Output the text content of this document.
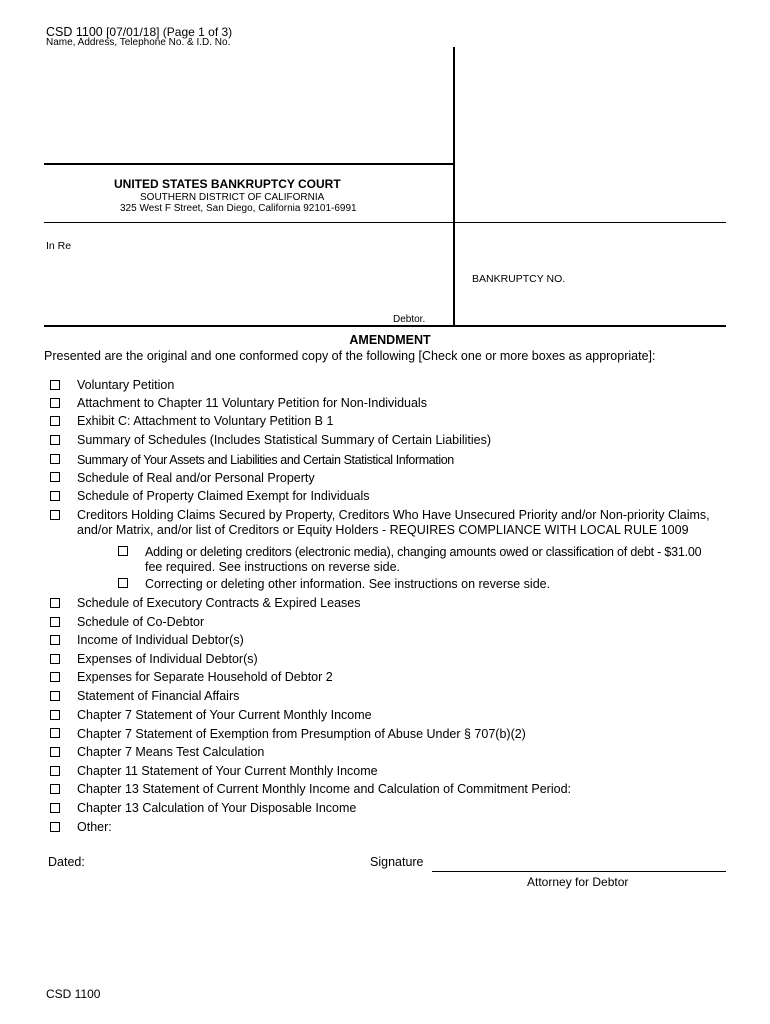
CSD 1100 [07/01/18] (Page 1 of 3)
Name, Address, Telephone No. & I.D. No.
UNITED STATES BANKRUPTCY COURT
SOUTHERN DISTRICT OF CALIFORNIA
325 West F Street, San Diego, California 92101-6991
In Re
BANKRUPTCY NO.
Debtor.
AMENDMENT
Presented are the original and one conformed copy of the following [Check one or more boxes as appropriate]:
Voluntary Petition
Attachment to Chapter 11 Voluntary Petition for Non-Individuals
Exhibit C: Attachment to Voluntary Petition B 1
Summary of Schedules (Includes Statistical Summary of Certain Liabilities)
Summary of Your Assets and Liabilities and Certain Statistical Information
Schedule of Real and/or Personal Property
Schedule of Property Claimed Exempt for Individuals
Creditors Holding Claims Secured by Property, Creditors Who Have Unsecured Priority and/or Non-priority Claims,
and/or Matrix, and/or list of Creditors or Equity Holders - REQUIRES COMPLIANCE WITH LOCAL RULE 1009
Adding or deleting creditors (electronic media), changing amounts owed or classification of debt - $31.00
fee required. See instructions on reverse side.
Correcting or deleting other information. See instructions on reverse side.
Schedule of Executory Contracts & Expired Leases
Schedule of Co-Debtor
Income of Individual Debtor(s)
Expenses of Individual Debtor(s)
Expenses for Separate Household of Debtor 2
Statement of Financial Affairs
Chapter 7 Statement of Your Current Monthly Income
Chapter 7 Statement of Exemption from Presumption of Abuse Under § 707(b)(2)
Chapter 7 Means Test Calculation
Chapter 11 Statement of Your Current Monthly Income
Chapter 13 Statement of Current Monthly Income and Calculation of Commitment Period:
Chapter 13 Calculation of Your Disposable Income
Other:
Dated:	Signature
Attorney for Debtor
CSD 1100
